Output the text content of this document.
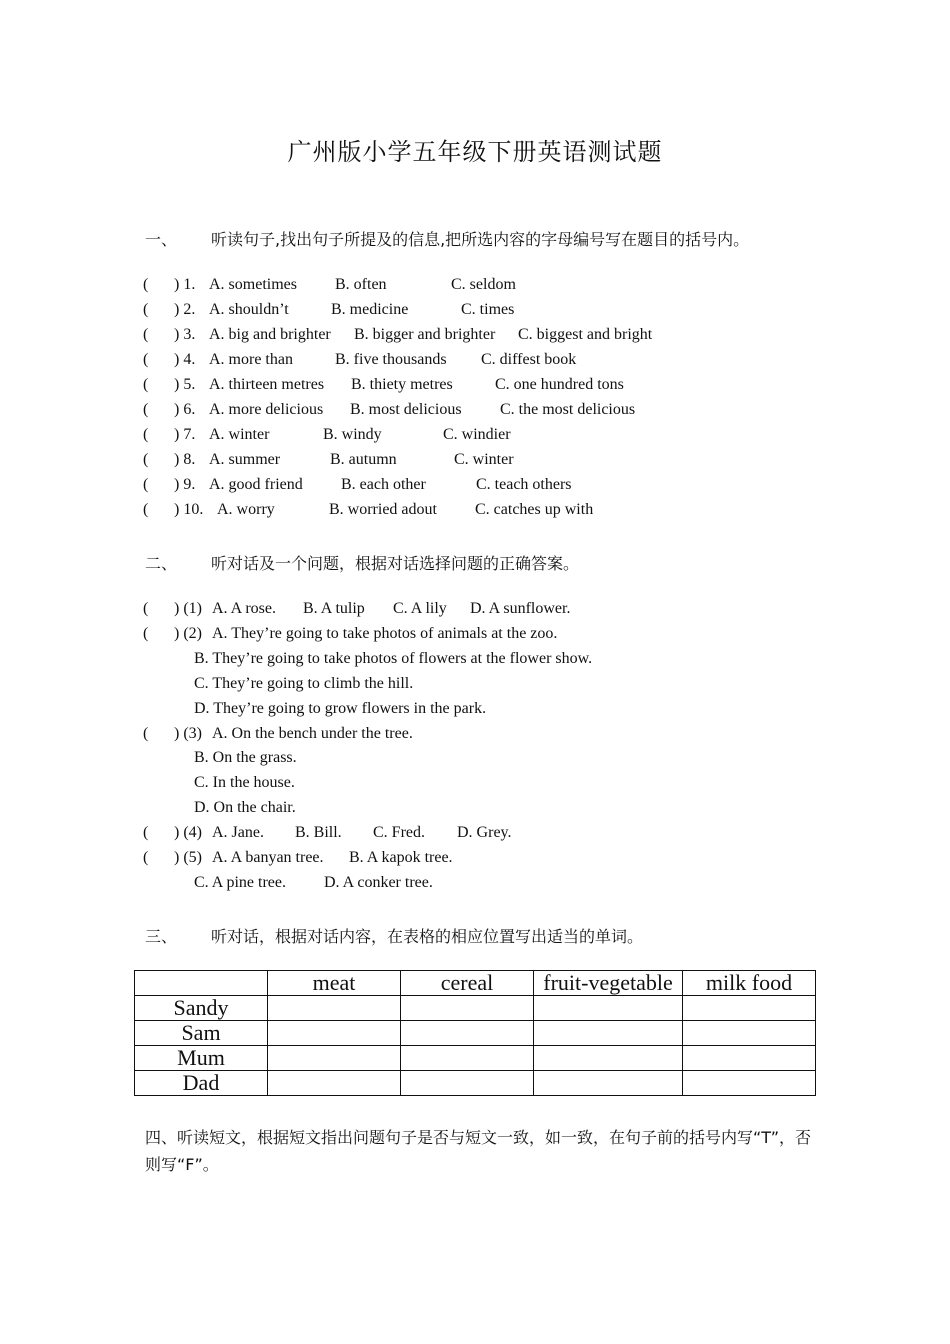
广州版小学五年级下册英语测试题
一、 听读句子,找出句子所提及的信息,把所选内容的字母编号写在题目的括号内。
( ) 1. A. sometimes B. often	C. seldom
( ) 2. A. shouldn’t	B. medicine	C. times
( ) 3. A. big and brighter B. bigger and brighter C. biggest and bright
( ) 4. A. more than	B. five thousands C. diffest book
( ) 5. A. thirteen metres B. thiety metres	C. one hundred tons
( ) 6. A. more delicious B. most delicious C. the most delicious
( ) 7. A. winter	B. windy	C. windier
( ) 8. A. summer	B. autumn	C. winter
( ) 9. A. good friend B. each other	C. teach others
( ) 10. A. worry	B. worried adout C. catches up with
二、 听对话及一个问题，根据对话选择问题的正确答案。
( ) (1) A. A rose. B. A tulip C. A lily D. A sunflower.
( ) (2) A. They’re going to take photos of animals at the zoo.
B. They’re going to take photos of flowers at the flower show.
C. They’re going to climb the hill.
D. They’re going to grow flowers in the park.
( ) (3) A. On the bench under the tree.
B. On the grass.
C. In the house.
D. On the chair.
( ) (4) A. Jane. B. Bill. C. Fred. D. Grey.
( ) (5) A. A banyan tree. B. A kapok tree.
C. A pine tree. D. A conker tree.
三、 听对话，根据对话内容，在表格的相应位置写出适当的单词。
	meat	cereal	fruit-vegetable	milk food
Sandy				
Sam				
Mum				
Dad				
四、听读短文，根据短文指出问题句子是否与短文一致，如一致，在句子前的括号内写“T”，否则写“F”。
